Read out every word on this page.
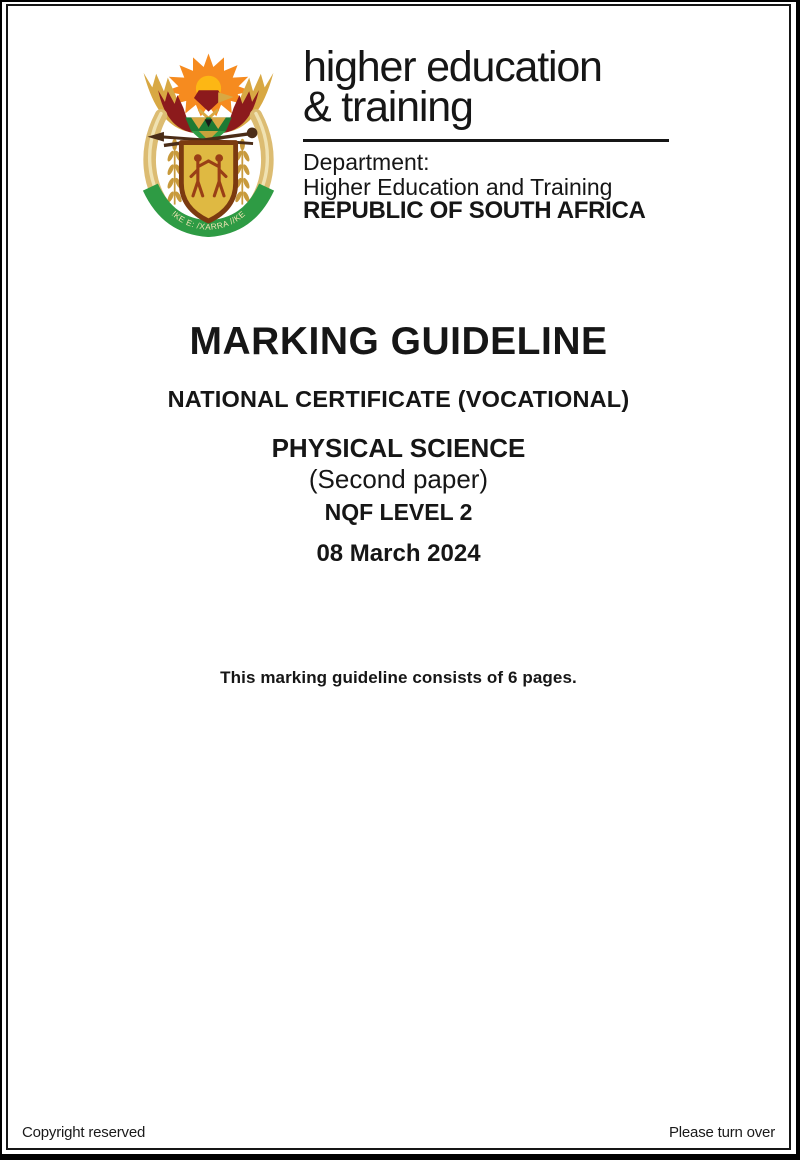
!KE E: /XARRA //KE
higher education
& training
Department:
Higher Education and Training
REPUBLIC OF SOUTH AFRICA
MARKING GUIDELINE
NATIONAL CERTIFICATE (VOCATIONAL)
PHYSICAL SCIENCE
(Second paper)
NQF LEVEL 2
08 March 2024
This marking guideline consists of 6 pages.
Copyright reserved	Please turn over
